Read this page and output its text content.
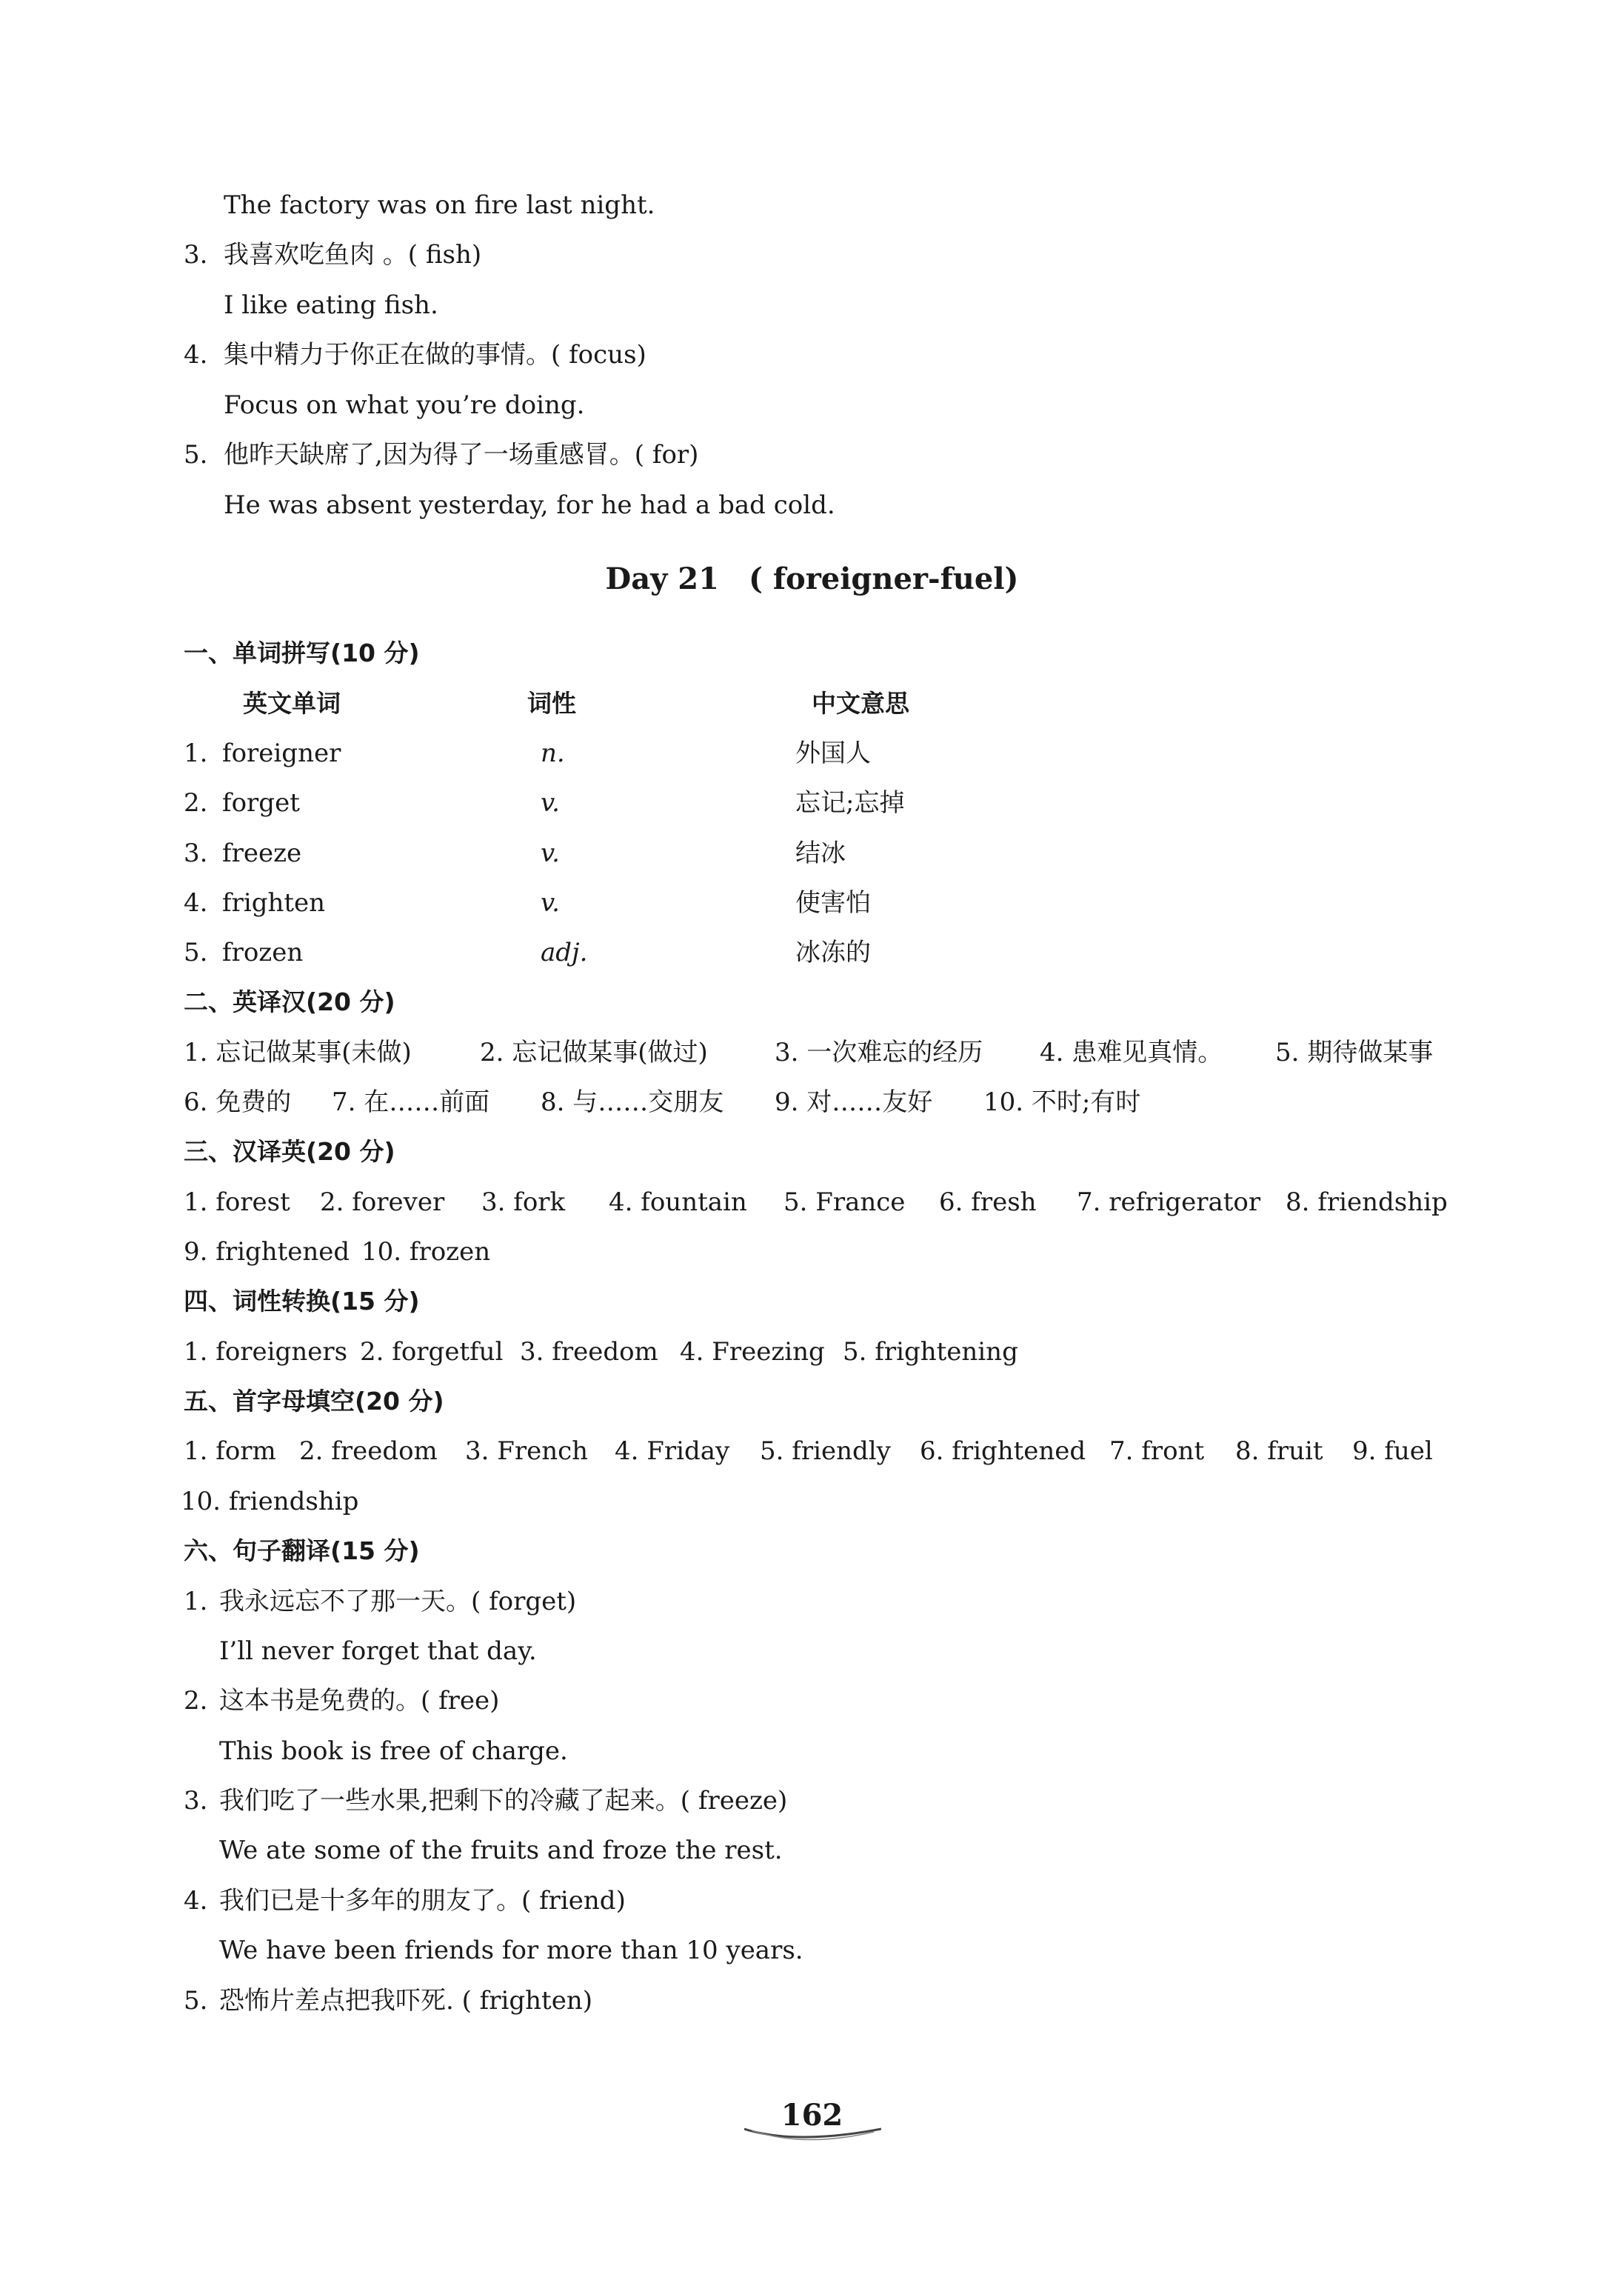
The factory was on fire last night.
3. 我喜欢吃鱼肉 。( fish)
I like eating fish.
4. 集中精力于你正在做的事情。( focus)
Focus on what you’re doing.
5. 他昨天缺席了,因为得了一场重感冒。( for)
He was absent yesterday, for he had a bad cold.
Day 21　( foreigner-fuel)
一、单词拼写(10 分)
英文单词	词性	中文意思
1. foreigner	n.	外国人
2. forget	v.	忘记;忘掉
3. freeze	v.	结冰
4. frighten	v.	使害怕
5. frozen	adj.	冰冻的
二、英译汉(20 分)
1. 忘记做某事(未做)	2. 忘记做某事(做过)	3. 一次难忘的经历 4. 患难见真情。 5. 期待做某事
6. 免费的 7. 在……前面 8. 与……交朋友 9. 对……友好 10. 不时;有时
三、汉译英(20 分)
1. forest 2. forever 3. fork 4. fountain 5. France 6. fresh 7. refrigerator 8. friendship
9. frightened 10. frozen
四、词性转换(15 分)
1. foreigners 2. forgetful 3. freedom 4. Freezing 5. frightening
五、首字母填空(20 分)
1. form 2. freedom 3. French 4. Friday 5. friendly 6. frightened 7. front 8. fruit 9. fuel
10. friendship
六、句子翻译(15 分)
1. 我永远忘不了那一天。( forget)
I’ll never forget that day.
2. 这本书是免费的。( free)
This book is free of charge.
3. 我们吃了一些水果,把剩下的冷藏了起来。( freeze)
We ate some of the fruits and froze the rest.
4. 我们已是十多年的朋友了。( friend)
We have been friends for more than 10 years.
5. 恐怖片差点把我吓死. ( frighten)
162
